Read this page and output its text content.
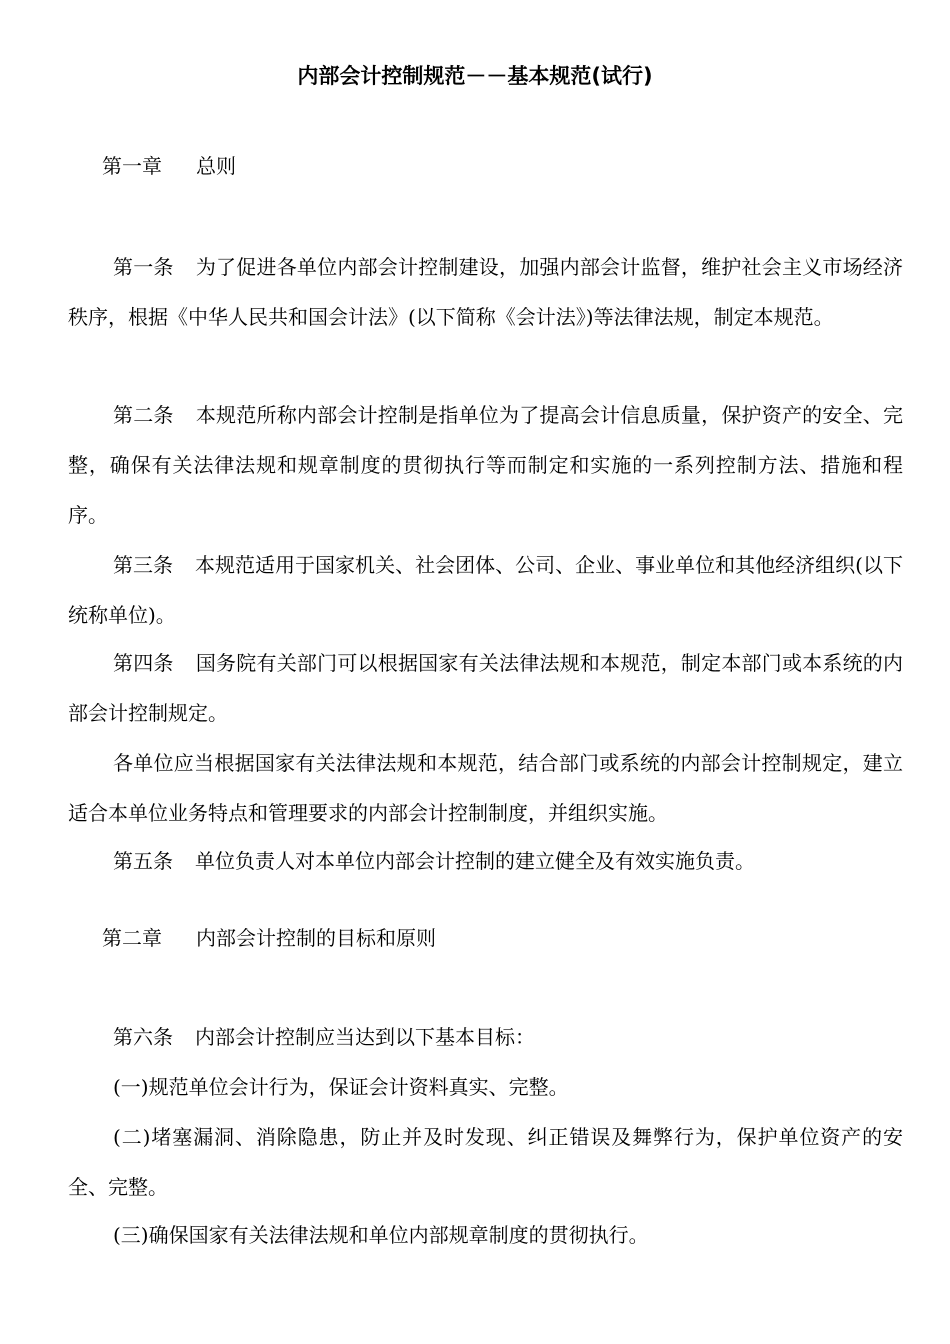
内部会计控制规范－－基本规范(试行)
第一章 总则
第一条 为了促进各单位内部会计控制建设，加强内部会计监督，维护社会主义市场经济秩序，根据《中华人民共和国会计法》(以下简称《会计法》)等法律法规，制定本规范。
第二条 本规范所称内部会计控制是指单位为了提高会计信息质量，保护资产的安全、完整，确保有关法律法规和规章制度的贯彻执行等而制定和实施的一系列控制方法、措施和程序。
第三条 本规范适用于国家机关、社会团体、公司、企业、事业单位和其他经济组织(以下统称单位)。
第四条 国务院有关部门可以根据国家有关法律法规和本规范，制定本部门或本系统的内部会计控制规定。
各单位应当根据国家有关法律法规和本规范，结合部门或系统的内部会计控制规定，建立适合本单位业务特点和管理要求的内部会计控制制度，并组织实施。
第五条 单位负责人对本单位内部会计控制的建立健全及有效实施负责。
第二章 内部会计控制的目标和原则
第六条 内部会计控制应当达到以下基本目标：
(一)规范单位会计行为，保证会计资料真实、完整。
(二)堵塞漏洞、消除隐患，防止并及时发现、纠正错误及舞弊行为，保护单位资产的安全、完整。
(三)确保国家有关法律法规和单位内部规章制度的贯彻执行。
